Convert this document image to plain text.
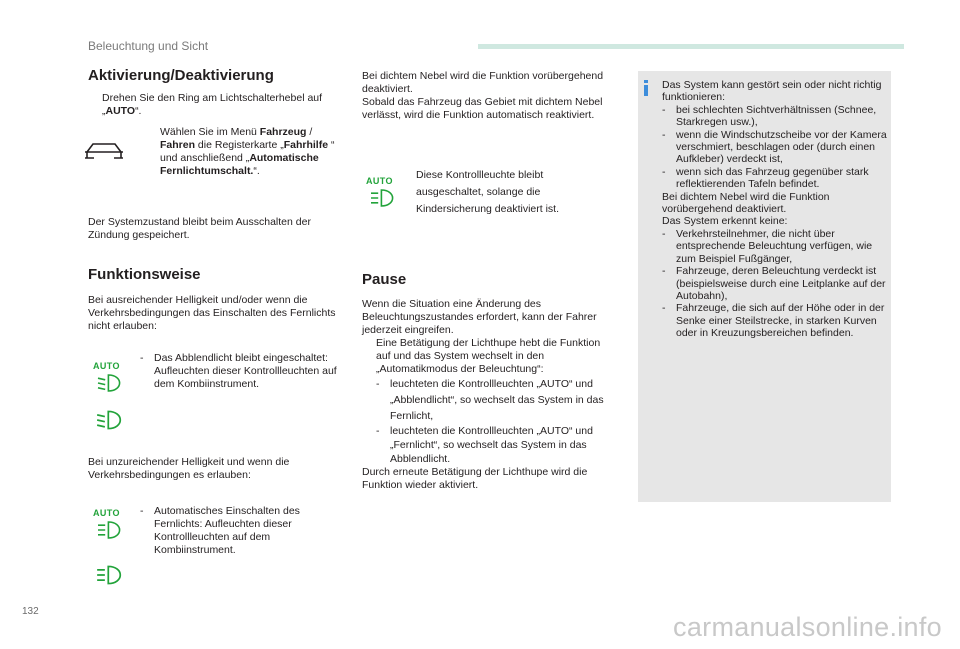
Beleuchtung und Sicht
Aktivierung/Deaktivierung
Drehen Sie den Ring am Lichtschalterhebel auf „AUTO“.
Wählen Sie im Menü Fahrzeug / Fahren die Registerkarte „Fahrhilfe “ und anschließend „Automatische Fernlichtumschalt.“.
Der Systemzustand bleibt beim Ausschalten der Zündung gespeichert.
Funktionsweise
Bei ausreichender Helligkeit und/oder wenn die Verkehrsbedingungen das Einschalten des Fernlichts nicht erlauben:
AUTO
-	Das Abblendlicht bleibt eingeschaltet: Aufleuchten dieser Kontrollleuchten auf dem Kombiinstrument.
Bei unzureichender Helligkeit und wenn die Verkehrsbedingungen es erlauben:
AUTO	-	Automatisches Einschalten des Fernlichts: Aufleuchten dieser Kontrollleuchten auf dem Kombiinstrument.
Bei dichtem Nebel wird die Funktion vorübergehend deaktiviert.
Sobald das Fahrzeug das Gebiet mit dichtem Nebel verlässt, wird die Funktion automatisch reaktiviert.
AUTO	Diese Kontrollleuchte bleibt ausgeschaltet, solange die Kindersicherung deaktiviert ist.
Pause
Wenn die Situation eine Änderung des Beleuchtungszustandes erfordert, kann der Fahrer jederzeit eingreifen.
Eine Betätigung der Lichthupe hebt die Funktion auf und das System wechselt in den „Automatikmodus der Beleuchtung“:
-	leuchteten die Kontrollleuchten „AUTO“ und „Abblendlicht“, so wechselt das System in das Fernlicht,
-	leuchteten die Kontrollleuchten „AUTO“ und „Fernlicht“, so wechselt das System in das Abblendlicht.
Durch erneute Betätigung der Lichthupe wird die Funktion wieder aktiviert.
Das System kann gestört sein oder nicht richtig funktionieren:
-	bei schlechten Sichtverhältnissen (Schnee, Starkregen usw.),
-	wenn die Windschutzscheibe vor der Kamera verschmiert, beschlagen oder (durch einen Aufkleber) verdeckt ist,
-	wenn sich das Fahrzeug gegenüber stark reflektierenden Tafeln befindet.
Bei dichtem Nebel wird die Funktion vorübergehend deaktiviert.
Das System erkennt keine:
-	Verkehrsteilnehmer, die nicht über entsprechende Beleuchtung verfügen, wie zum Beispiel Fußgänger,
-	Fahrzeuge, deren Beleuchtung verdeckt ist (beispielsweise durch eine Leitplanke auf der Autobahn),
-	Fahrzeuge, die sich auf der Höhe oder in der Senke einer Steilstrecke, in starken Kurven oder in Kreuzungsbereichen befinden.
132
carmanualsonline.info
